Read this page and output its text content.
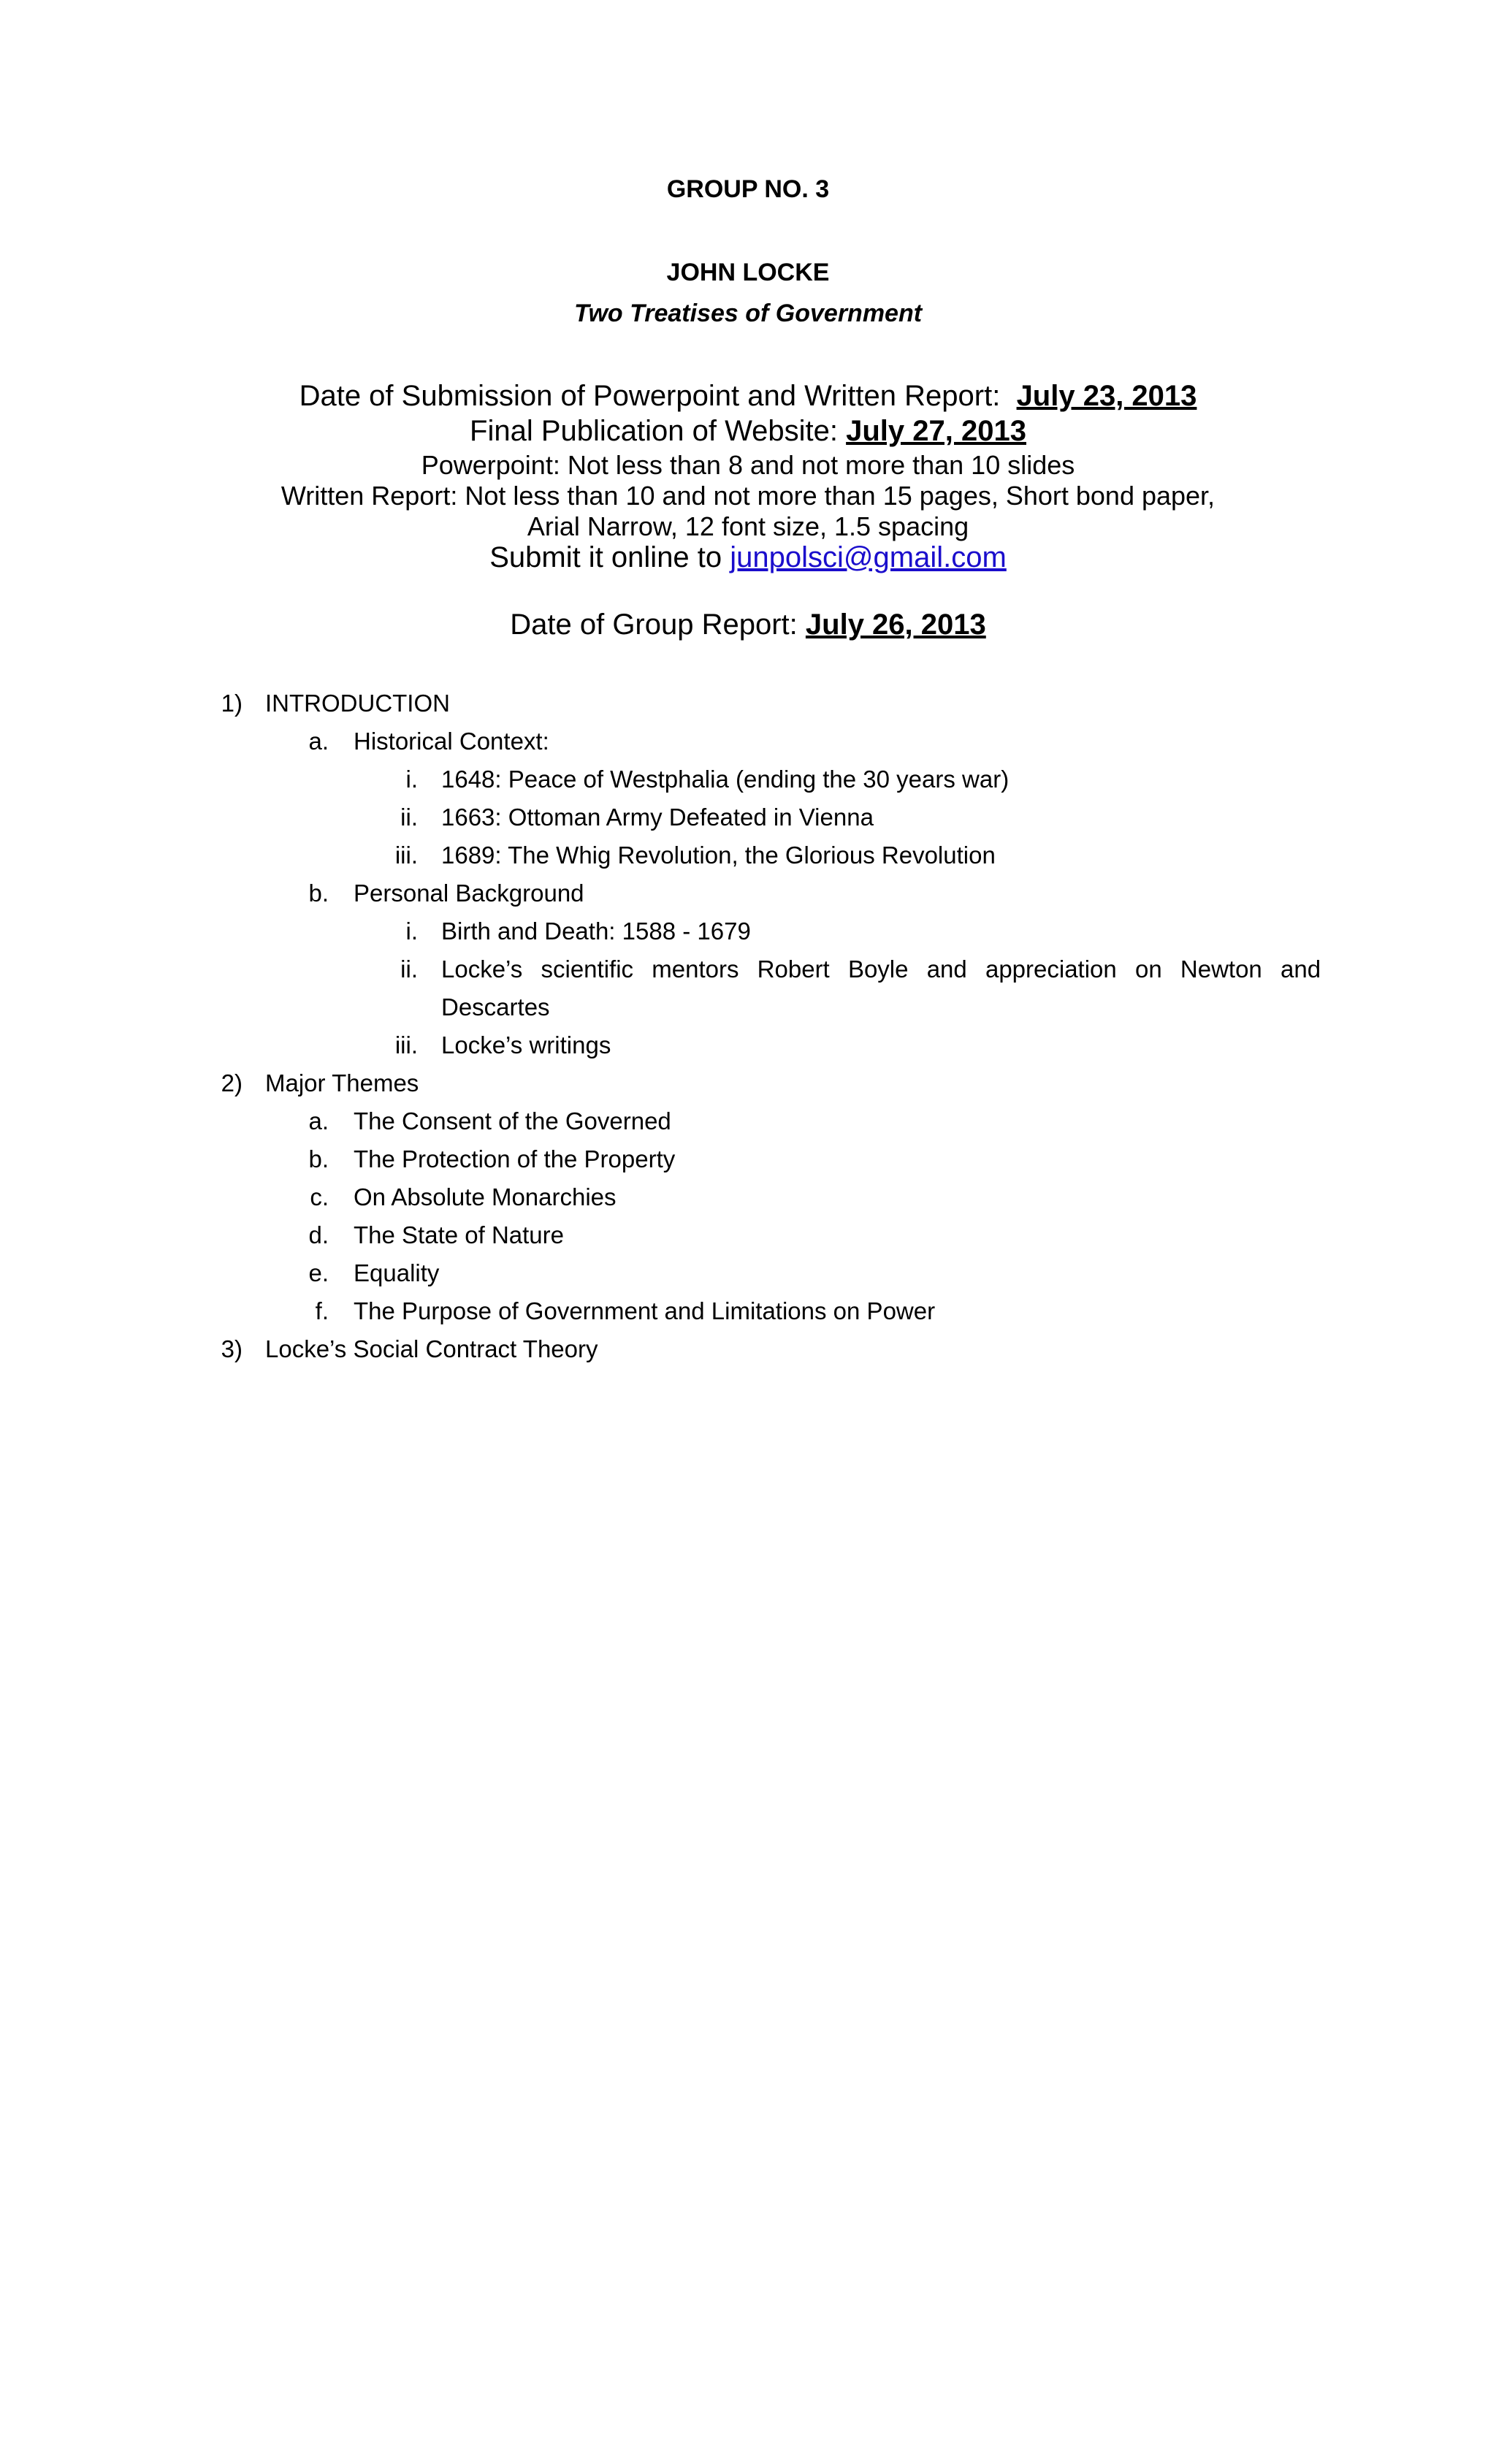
GROUP NO. 3
JOHN LOCKE
Two Treatises of Government
Date of Submission of Powerpoint and Written Report: July 23, 2013
Final Publication of Website: July 27, 2013
Powerpoint: Not less than 8 and not more than 10 slides
Written Report: Not less than 10 and not more than 15 pages, Short bond paper,
Arial Narrow, 12 font size, 1.5 spacing
Submit it online to junpolsci@gmail.com
Date of Group Report: July 26, 2013
1) INTRODUCTION
a. Historical Context:
i. 1648: Peace of Westphalia (ending the 30 years war)
ii. 1663: Ottoman Army Defeated in Vienna
iii. 1689: The Whig Revolution, the Glorious Revolution
b. Personal Background
i. Birth and Death: 1588 - 1679
ii. Locke’s scientific mentors Robert Boyle and appreciation on Newton and
Descartes
iii. Locke’s writings
2) Major Themes
a. The Consent of the Governed
b. The Protection of the Property
c. On Absolute Monarchies
d. The State of Nature
e. Equality
f. The Purpose of Government and Limitations on Power
3) Locke’s Social Contract Theory
